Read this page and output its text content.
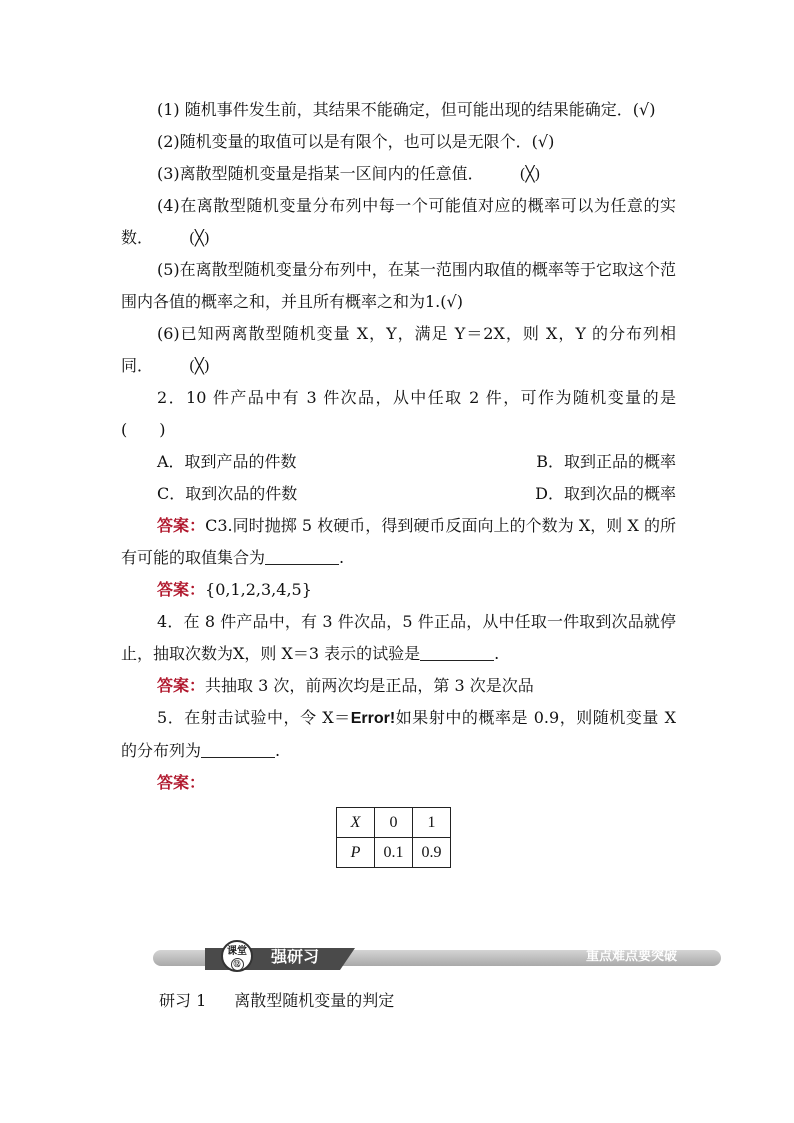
(1) 随机事件发生前，其结果不能确定，但可能出现的结果能确定．(√)

(2)随机变量的取值可以是有限个，也可以是无限个．(√)

(3)离散型随机变量是指某一区间内的任意值． (╳)

(4)在离散型随机变量分布列中每一个可能值对应的概率可以为任意的实数． (╳)

(5)在离散型随机变量分布列中，在某一范围内取值的概率等于它取这个范围内各值的概率之和，并且所有概率之和为1.(√)

(6)已知两离散型随机变量 X，Y，满足 Y＝2X，则 X，Y 的分布列相同． (╳)

2．10 件产品中有 3 件次品，从中任取 2 件，可作为随机变量的是(　　)

A．取到产品的件数	B．取到正品的概率
C．取到次品的件数	D．取到次品的概率

答案：C3.同时抛掷 5 枚硬币，得到硬币反面向上的个数为 X，则 X 的所有可能的取值集合为	.

答案：{0,1,2,3,4,5}

4．在 8 件产品中，有 3 件次品，5 件正品，从中任取一件取到次品就停止，抽取次数为X，则 X＝3 表示的试验是	.

答案：共抽取 3 次，前两次均是正品，第 3 次是次品

5．在射击试验中，令 X＝Error!如果射中的概率是 0.9，则随机变量 X 的分布列为	.

答案：

X	0	1
P	0.1	0.9
课堂
⑫	强研习	重点难点要突破
研习 1 离散型随机变量的判定
